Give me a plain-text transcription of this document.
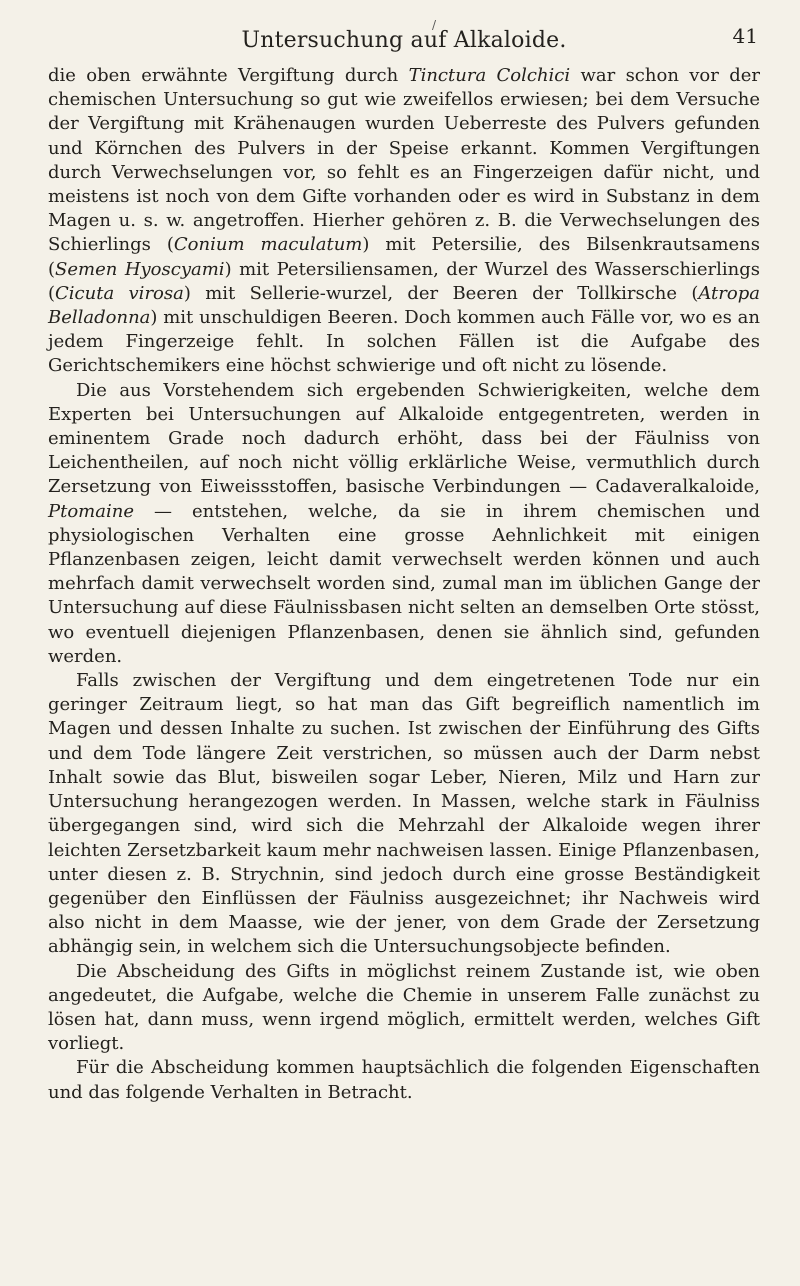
/
Untersuchung auf Alkaloide.	41

die oben erwähnte Vergiftung durch Tinctura Colchici war schon vor der chemischen Untersuchung so gut wie zweifellos erwiesen; bei dem Versuche der Vergiftung mit Krähenaugen wurden Ueberreste des Pulvers gefunden und Körnchen des Pulvers in der Speise erkannt. Kommen Vergiftungen durch Verwechselungen vor, so fehlt es an Fingerzeigen dafür nicht, und meistens ist noch von dem Gifte vorhanden oder es wird in Substanz in dem Magen u. s. w. angetroffen. Hierher gehören z. B. die Verwechselungen des Schierlings (Conium maculatum) mit Petersilie, des Bilsenkrautsamens (Semen Hyoscyami) mit Petersiliensamen, der Wurzel des Wasserschierlings (Cicuta virosa) mit Sellerie-wurzel, der Beeren der Tollkirsche (Atropa Belladonna) mit unschuldigen Beeren. Doch kommen auch Fälle vor, wo es an jedem Fingerzeige fehlt. In solchen Fällen ist die Aufgabe des Gerichtschemikers eine höchst schwierige und oft nicht zu lösende.

Die aus Vorstehendem sich ergebenden Schwierigkeiten, welche dem Experten bei Untersuchungen auf Alkaloide entgegentreten, werden in eminentem Grade noch dadurch erhöht, dass bei der Fäulniss von Leichentheilen, auf noch nicht völlig erklärliche Weise, vermuthlich durch Zersetzung von Eiweissstoffen, basische Verbindungen — Cadaveralkaloide, Ptomaine — entstehen, welche, da sie in ihrem chemischen und physiologischen Verhalten eine grosse Aehnlichkeit mit einigen Pflanzenbasen zeigen, leicht damit verwechselt werden können und auch mehrfach damit verwechselt worden sind, zumal man im üblichen Gange der Untersuchung auf diese Fäulnissbasen nicht selten an demselben Orte stösst, wo eventuell diejenigen Pflanzenbasen, denen sie ähnlich sind, gefunden werden.

Falls zwischen der Vergiftung und dem eingetretenen Tode nur ein geringer Zeitraum liegt, so hat man das Gift begreiflich namentlich im Magen und dessen Inhalte zu suchen. Ist zwischen der Einführung des Gifts und dem Tode längere Zeit verstrichen, so müssen auch der Darm nebst Inhalt sowie das Blut, bisweilen sogar Leber, Nieren, Milz und Harn zur Untersuchung herangezogen werden. In Massen, welche stark in Fäulniss übergegangen sind, wird sich die Mehrzahl der Alkaloide wegen ihrer leichten Zersetzbarkeit kaum mehr nachweisen lassen. Einige Pflanzenbasen, unter diesen z. B. Strychnin, sind jedoch durch eine grosse Beständigkeit gegenüber den Einflüssen der Fäulniss ausgezeichnet; ihr Nachweis wird also nicht in dem Maasse, wie der jener, von dem Grade der Zersetzung abhängig sein, in welchem sich die Untersuchungsobjecte befinden.

Die Abscheidung des Gifts in möglichst reinem Zustande ist, wie oben angedeutet, die Aufgabe, welche die Chemie in unserem Falle zunächst zu lösen hat, dann muss, wenn irgend möglich, ermittelt werden, welches Gift vorliegt.

Für die Abscheidung kommen hauptsächlich die folgenden Eigenschaften und das folgende Verhalten in Betracht.
